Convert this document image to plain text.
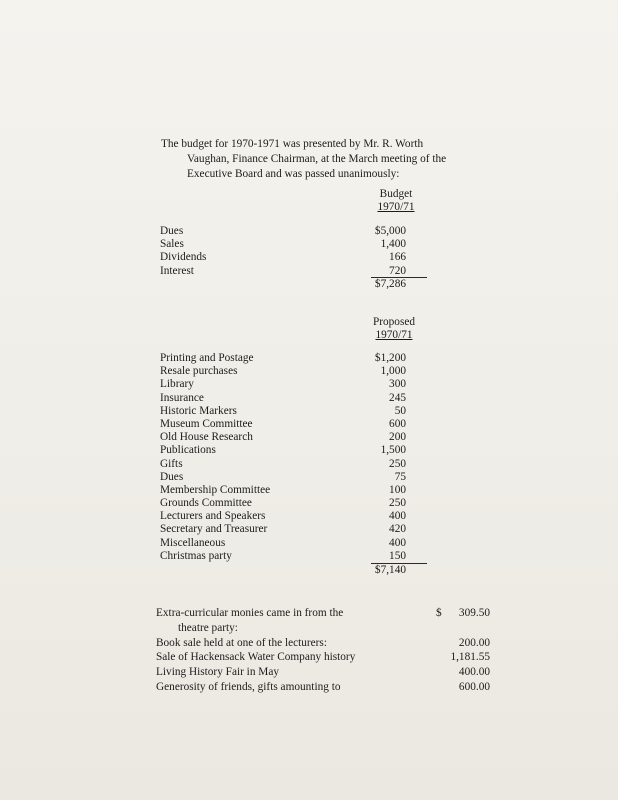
The budget for 1970-1971 was presented by Mr. R. Worth
Vaughan, Finance Chairman, at the March meeting of the
Executive Board and was passed unanimously:
Budget
1970/71
Dues	$5,000
Sales	1,400
Dividends	166
Interest	720
$7,286
Proposed
1970/71
Printing and Postage	$1,200
Resale purchases	1,000
Library	300
Insurance	245
Historic Markers	50
Museum Committee	600
Old House Research	200
Publications	1,500
Gifts	250
Dues	75
Membership Committee	100
Grounds Committee	250
Lecturers and Speakers	400
Secretary and Treasurer	420
Miscellaneous	400
Christmas party	150
$7,140
Extra-curricular monies came in from the	$	309.50
theatre party:
Book sale held at one of the lecturers:	200.00
Sale of Hackensack Water Company history	1,181.55
Living History Fair in May	400.00
Generosity of friends, gifts amounting to	600.00
